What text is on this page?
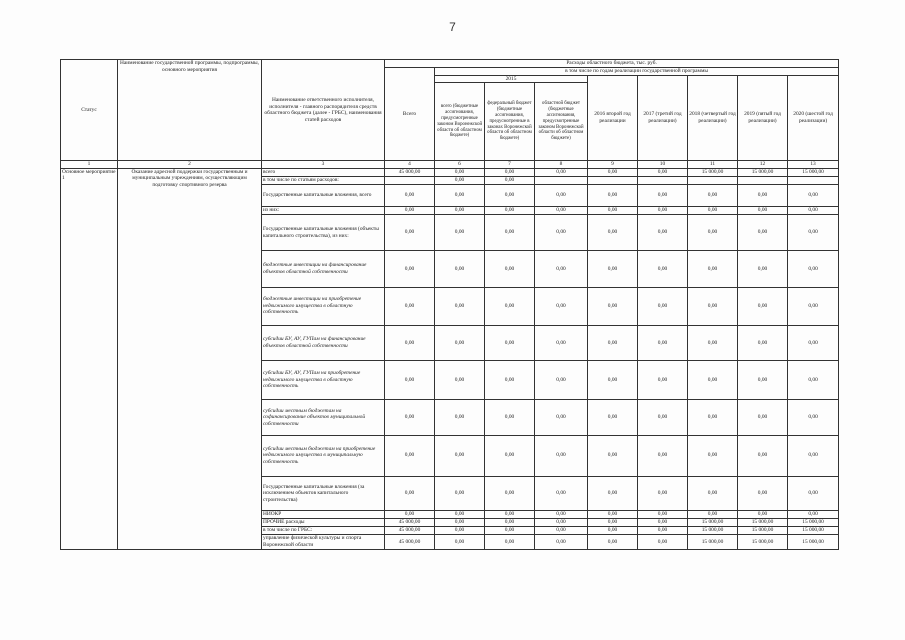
7
Статус	Наименование государственной программы, подпрограммы, основного мероприятия	Наименование ответственного исполнителя, исполнителя - главного распорядителя средств областного бюджета (далее - ГРБС), наименования статей расходов	Расходы областного бюджета, тыс. руб.								
			Всего	в том числе по годам реализации государственной программы							
				2015			2016 второй год реализации	2017 (третий год реализации)	2018 (четвертый год реализации)	2019 (пятый год реализации)	2020 (шестой год реализации)
				всего (бюджетные ассигнования, предусмотренные законом Воронежской области об областном бюджете)	федеральный бюджет (бюджетные ассигнования, предусмотренные в законах Воронежской области об областном бюджете)	областной бюджет (бюджетные ассигнования, предусмотренные законом Воронежской области об областном бюджете)					
1	2	3	4	6	7	8	9	10	11	12	13
Основное мероприятие 1	Оказание адресной поддержки государственным и муниципальным учреждениям, осуществляющим подготовку спортивного резерва	всего	45 000,00	0,00	0,00	0,00	0,00	0,00	15 000,00	15 000,00	15 000,00
		в том числе по статьям расходов:		0,00	0,00						
		Государственные капитальные вложения, всего	0,00	0,00	0,00	0,00	0,00	0,00	0,00	0,00	0,00
		из них:	0,00	0,00	0,00	0,00	0,00	0,00	0,00	0,00	0,00
		Государственные капитальные вложения (объекты капитального строительства), из них:	0,00	0,00	0,00	0,00	0,00	0,00	0,00	0,00	0,00
		бюджетные инвестиции на финансирование объектов областной собственности	0,00	0,00	0,00	0,00	0,00	0,00	0,00	0,00	0,00
		бюджетные инвестиции на приобретение недвижимого имущества в областную собственность	0,00	0,00	0,00	0,00	0,00	0,00	0,00	0,00	0,00
		субсидии БУ, АУ, ГУПам на финансирование объектов областной собственности	0,00	0,00	0,00	0,00	0,00	0,00	0,00	0,00	0,00
		субсидии БУ, АУ, ГУПам на приобретение недвижимого имущества в областную собственность	0,00	0,00	0,00	0,00	0,00	0,00	0,00	0,00	0,00
		субсидии местным бюджетам на софинансирование объектов муниципальной собственности	0,00	0,00	0,00	0,00	0,00	0,00	0,00	0,00	0,00
		субсидии местным бюджетам на приобретение недвижимого имущества в муниципальную собственность	0,00	0,00	0,00	0,00	0,00	0,00	0,00	0,00	0,00
		Государственные капитальные вложения (за исключением объектов капитального строительства)	0,00	0,00	0,00	0,00	0,00	0,00	0,00	0,00	0,00
		НИОКР	0,00	0,00	0,00	0,00	0,00	0,00	0,00	0,00	0,00
		ПРОЧИЕ расходы	45 000,00	0,00	0,00	0,00	0,00	0,00	15 000,00	15 000,00	15 000,00
		в том числе по ГРБС:	45 000,00	0,00	0,00	0,00	0,00	0,00	15 000,00	15 000,00	15 000,00
		управление физической культуры и спорта Воронежской области	45 000,00	0,00	0,00	0,00	0,00	0,00	15 000,00	15 000,00	15 000,00
